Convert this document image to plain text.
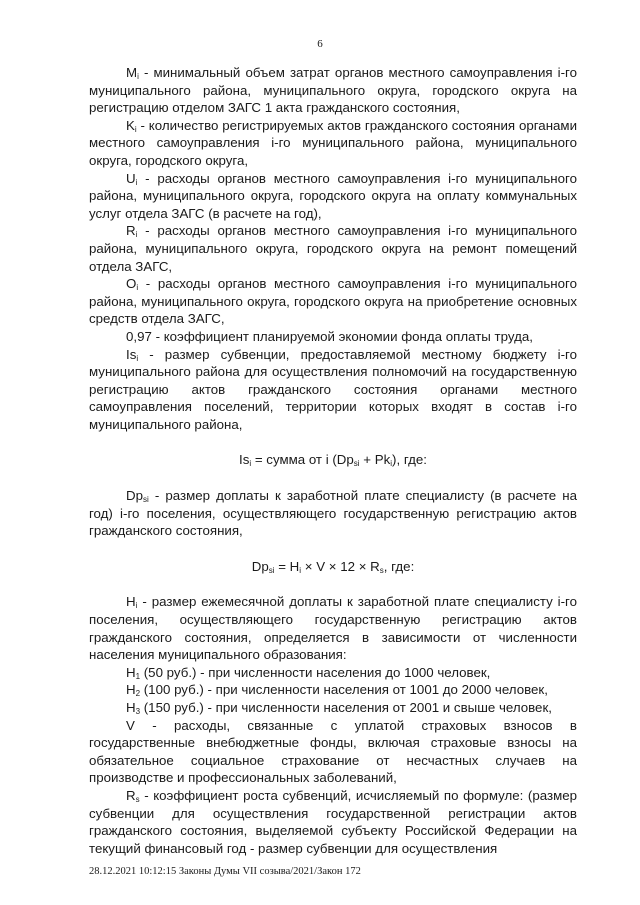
6

$M_i$ - минимальный объем затрат органов местного самоуправления i-го муниципального района, муниципального округа, городского округа на регистрацию отделом ЗАГС 1 акта гражданского состояния,

$K_i$ - количество регистрируемых актов гражданского состояния органами местного самоуправления i-го муниципального района, муниципального округа, городского округа,

$U_i$ - расходы органов местного самоуправления i-го муниципального района, муниципального округа, городского округа на оплату коммунальных услуг отдела ЗАГС (в расчете на год),

$R_i$ - расходы органов местного самоуправления i-го муниципального района, муниципального округа, городского округа на ремонт помещений отдела ЗАГС,

$O_i$ - расходы органов местного самоуправления i-го муниципального района, муниципального округа, городского округа на приобретение основных средств отдела ЗАГС,

0,97 - коэффициент планируемой экономии фонда оплаты труда,

$Is_i$ - размер субвенции, предоставляемой местному бюджету i-го муниципального района для осуществления полномочий на государственную регистрацию актов гражданского состояния органами местного самоуправления поселений, территории которых входят в состав i-го муниципального района,

$Is_i$ = сумма от i $(Dp_{si} + Pk_i)$, где:

$Dp_{si}$ - размер доплаты к заработной плате специалисту (в расчете на год) i-го поселения, осуществляющего государственную регистрацию актов гражданского состояния,

$Dp_{si} = H_i \times V \times 12 \times R_s$, где:

$H_i$ - размер ежемесячной доплаты к заработной плате специалисту i-го поселения, осуществляющего государственную регистрацию актов гражданского состояния, определяется в зависимости от численности населения муниципального образования:

$H_1$ (50 руб.) - при численности населения до 1000 человек,

$H_2$ (100 руб.) - при численности населения от 1001 до 2000 человек,

$H_3$ (150 руб.) - при численности населения от 2001 и свыше человек,

V - расходы, связанные с уплатой страховых взносов в государственные внебюджетные фонды, включая страховые взносы на обязательное социальное страхование от несчастных случаев на производстве и профессиональных заболеваний,

$R_s$ - коэффициент роста субвенций, исчисляемый по формуле: (размер субвенции для осуществления государственной регистрации актов гражданского состояния, выделяемой субъекту Российской Федерации на текущий финансовый год - размер субвенции для осуществления

28.12.2021 10:12:15 Законы Думы VII созыва/2021/Закон 172
